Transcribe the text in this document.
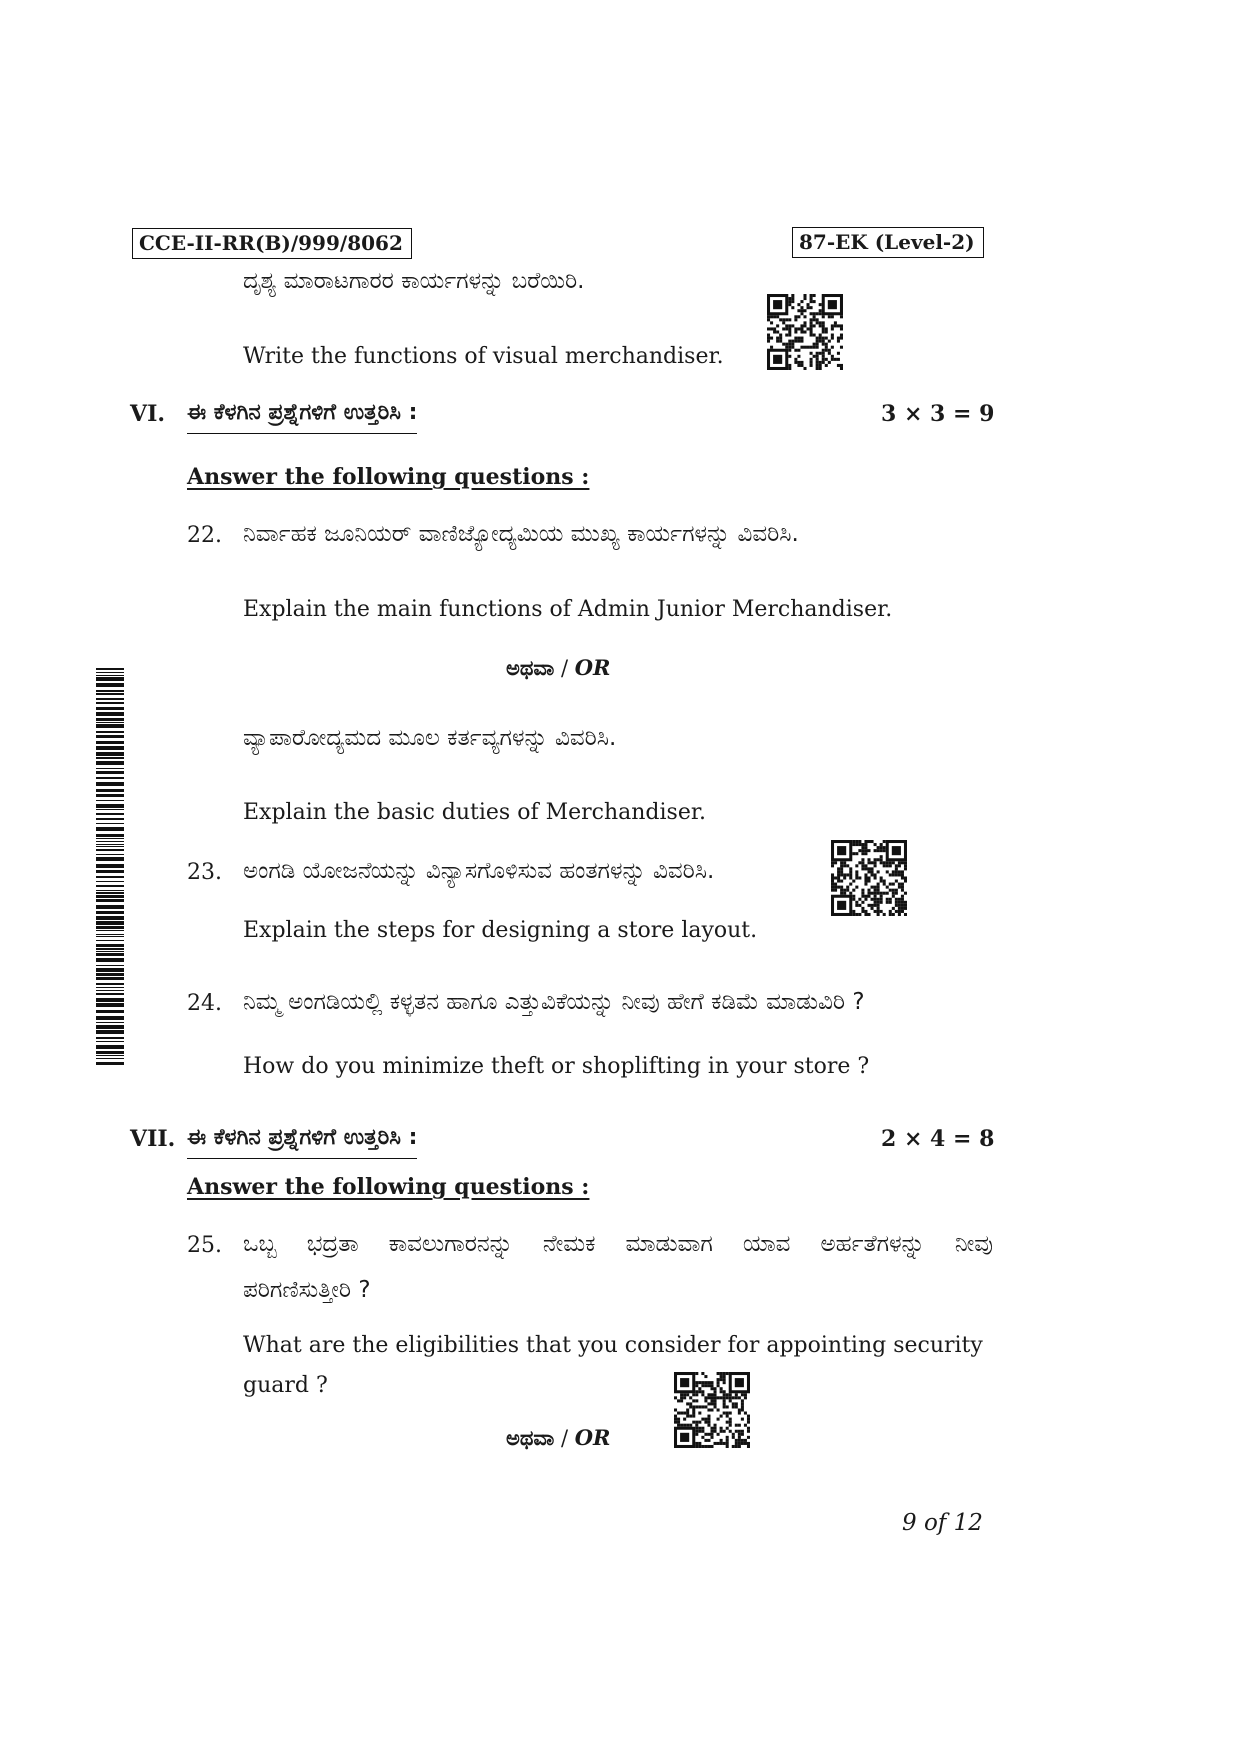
CCE-II-RR(B)/999/8062	87-EK (Level-2)
ದೃಶ್ಯ ಮಾರಾಟಗಾರರ ಕಾರ್ಯಗಳನ್ನು ಬರೆಯಿರಿ.
Write the functions of visual merchandiser.
VI. ಈ ಕೆಳಗಿನ ಪ್ರಶ್ನೆಗಳಿಗೆ ಉತ್ತರಿಸಿ :	3 × 3 = 9
Answer the following questions :
22. ನಿರ್ವಾಹಕ ಜೂನಿಯರ್ ವಾಣಿಜ್ಯೋದ್ಯಮಿಯ ಮುಖ್ಯ ಕಾರ್ಯಗಳನ್ನು ವಿವರಿಸಿ.
Explain the main functions of Admin Junior Merchandiser.
ಅಥವಾ / OR
ವ್ಯಾಪಾರೋದ್ಯಮದ ಮೂಲ ಕರ್ತವ್ಯಗಳನ್ನು ವಿವರಿಸಿ.
Explain the basic duties of Merchandiser.
23. ಅಂಗಡಿ ಯೋಜನೆಯನ್ನು ವಿನ್ಯಾಸಗೊಳಿಸುವ ಹಂತಗಳನ್ನು ವಿವರಿಸಿ.
Explain the steps for designing a store layout.
24. ನಿಮ್ಮ ಅಂಗಡಿಯಲ್ಲಿ ಕಳ್ಳತನ ಹಾಗೂ ಎತ್ತುವಿಕೆಯನ್ನು ನೀವು ಹೇಗೆ ಕಡಿಮೆ ಮಾಡುವಿರಿ ?
How do you minimize theft or shoplifting in your store ?
VII. ಈ ಕೆಳಗಿನ ಪ್ರಶ್ನೆಗಳಿಗೆ ಉತ್ತರಿಸಿ :	2 × 4 = 8
Answer the following questions :
25. ಒಬ್ಬ ಭದ್ರತಾ ಕಾವಲುಗಾರನನ್ನು ನೇಮಕ ಮಾಡುವಾಗ ಯಾವ ಅರ್ಹತೆಗಳನ್ನು ನೀವು
ಪರಿಗಣಿಸುತ್ತೀರಿ ?
What are the eligibilities that you consider for appointing security
guard ?
ಅಥವಾ / OR
9 of 12
